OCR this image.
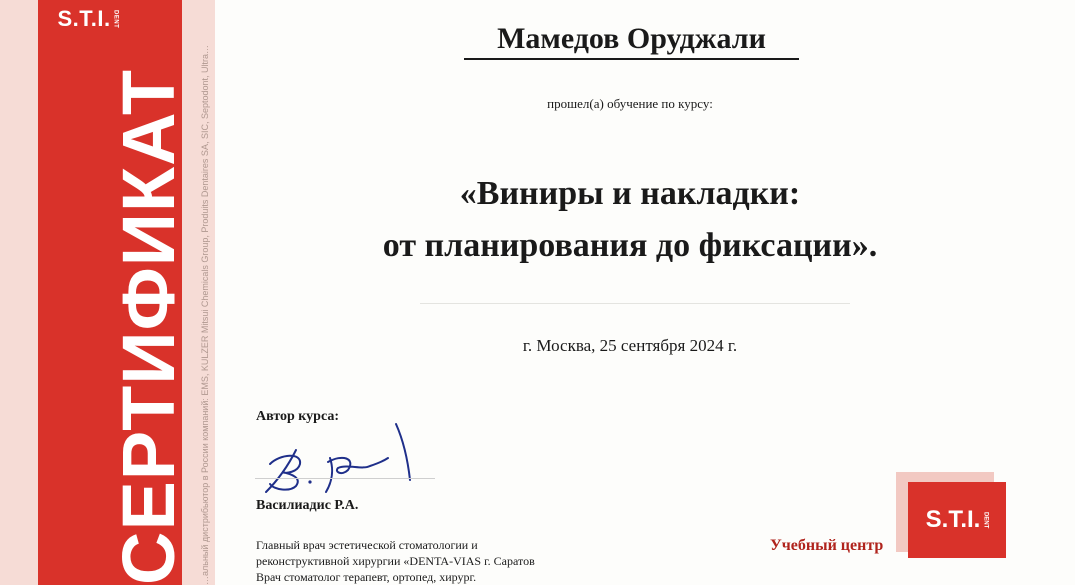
S.T.I. DENT
СЕРТИФИКАТ …альный дистрибьютор в России компаний: EMS, KULZER Mitsui Chemicals Group, Produits Dentaires SA, SIC, Septodont, Ultra…
Мамедов Оруджали
прошел(а) обучение по курсу:
«Виниры и накладки:
от планирования до фиксации».
г. Москва, 25 сентября 2024 г.
Автор курса:
Василиадис Р.А.
Главный врач эстетической стоматологии и
реконструктивной хирургии «DENTA-VIAS г. Саратов
Врач стоматолог терапевт, ортопед, хирург.
Учебный центр
S.T.I. DENT
